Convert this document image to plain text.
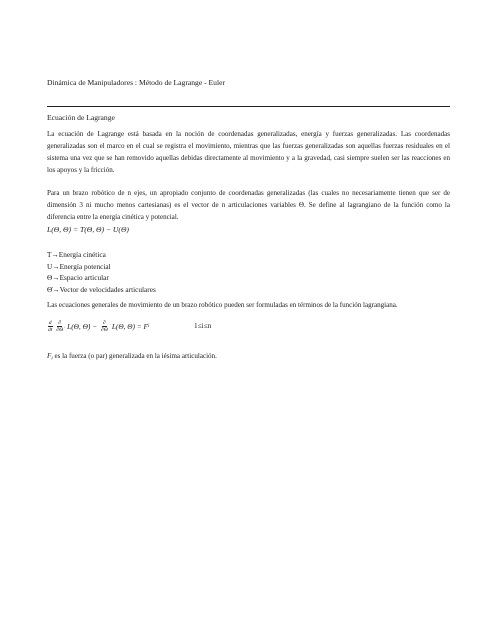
Dinámica de Manipuladores : Método de Lagrange - Euler
Ecuación de Lagrange
La ecuación de Lagrange está basada en la noción de coordenadas generalizadas, energía y fuerzas generalizadas. Las coordenadas generalizadas son el marco en el cual se registra el movimiento, mientras que las fuerzas generalizadas son aquellas fuerzas residuales en el sistema una vez que se han removido aquellas debidas directamente al movimiento y a la gravedad, casi siempre suelen ser las reacciones en los apoyos y la fricción.
Para un brazo robótico de n ejes, un apropiado conjunto de coordenadas generalizadas (las cuales no necesariamente tienen que ser de dimensión 3 ni mucho menos cartesianas) es el vector de n articulaciones variables Θ. Se define al lagrangiano de la función como la diferencia entre la energía cinética y potencial.
L(Θ, Θ̇) = T(Θ, Θ̇) − U(Θ)
T→Energía cinética
U→Energía potencial
Θ→Espacio articular
Θ̇→Vector de velocidades articulares
Las ecuaciones generales de movimiento de un brazo robótico pueden ser formuladas en términos de la función lagrangiana.
$\frac{d}{dt} \frac{\partial}{\partial\Thetȧ} L(\Theta$, Θ̇) − $\frac{\partial}{\partial\Theta} L(\Theta$, Θ̇) = F i	1≤i≤n
$F_i$ es la fuerza (o par) generalizada en la iésima articulación.
